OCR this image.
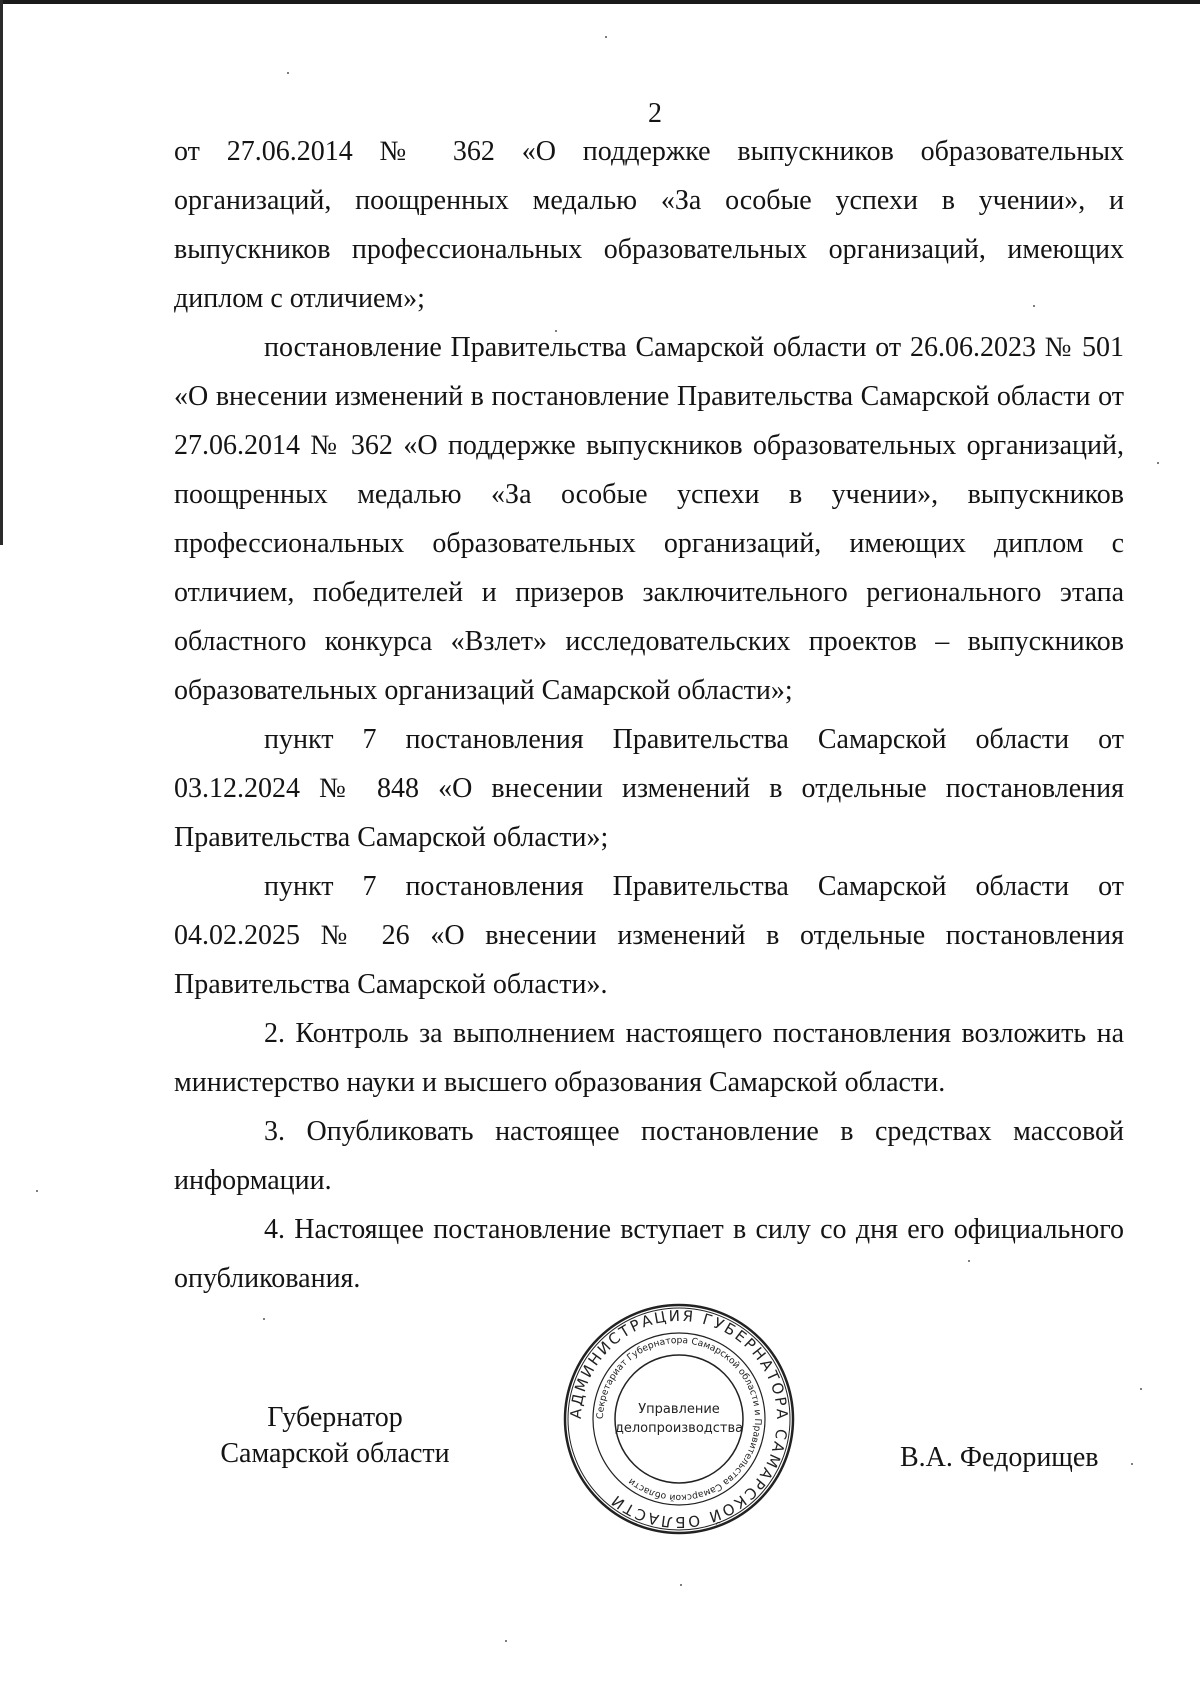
2

от 27.06.2014 № 362 «О поддержке выпускников образовательных организаций, поощренных медалью «За особые успехи в учении», и выпускников профессиональных образовательных организаций, имеющих диплом с отличием»;

постановление Правительства Самарской области от 26.06.2023 № 501 «О внесении изменений в постановление Правительства Самарской области от 27.06.2014 № 362 «О поддержке выпускников образовательных организаций, поощренных медалью «За особые успехи в учении», выпускников профессиональных образовательных организаций, имеющих диплом с отличием, победителей и призеров заключительного регионального этапа областного конкурса «Взлет» исследовательских проектов – выпускников образовательных организаций Самарской области»;

пункт 7 постановления Правительства Самарской области от 03.12.2024 № 848 «О внесении изменений в отдельные постановления Правительства Самарской области»;

пункт 7 постановления Правительства Самарской области от 04.02.2025 № 26 «О внесении изменений в отдельные постановления Правительства Самарской области».

2. Контроль за выполнением настоящего постановления возложить на министерство науки и высшего образования Самарской области.

3. Опубликовать настоящее постановление в средствах массовой информации.

4. Настоящее постановление вступает в силу со дня его официального опубликования.

Губернатор
Самарской области
АДМИНИСТРАЦИЯ ГУБЕРНАТОРА САМАРСКОЙ ОБЛАСТИ
Секретариат Губернатора Самарской области и Правительства Самарской области
Управление
делопроизводства
В.А. Федорищев
